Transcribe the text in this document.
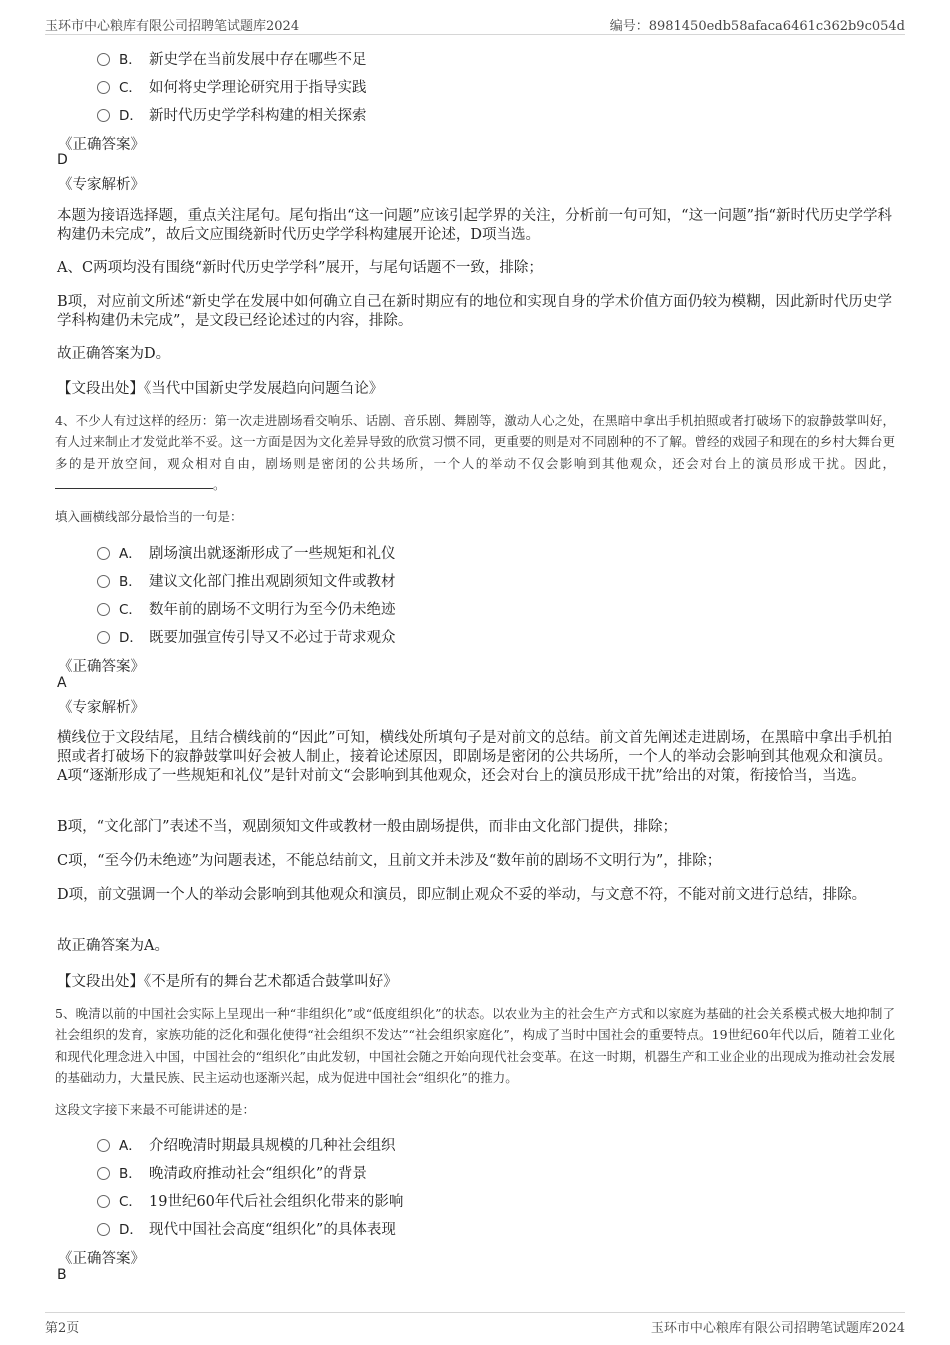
玉环市中心粮库有限公司招聘笔试题库2024	编号：8981450edb58afaca6461c362b9c054d
B． 新史学在当前发展中存在哪些不足
C． 如何将史学理论研究用于指导实践
D． 新时代历史学学科构建的相关探索
《正确答案》
D
《专家解析》
本题为接语选择题，重点关注尾句。尾句指出“这一问题”应该引起学界的关注，分析前一句可知，“这一问题”指“新时代历史学学科构建仍未完成”，故后文应围绕新时代历史学学科构建展开论述，D项当选。
A、C两项均没有围绕“新时代历史学学科”展开，与尾句话题不一致，排除；
B项，对应前文所述“新史学在发展中如何确立自己在新时期应有的地位和实现自身的学术价值方面仍较为模糊，因此新时代历史学学科构建仍未完成”，是文段已经论述过的内容，排除。
故正确答案为D。
【文段出处】《当代中国新史学发展趋向问题刍论》
4、不少人有过这样的经历：第一次走进剧场看交响乐、话剧、音乐剧、舞剧等，激动人心之处，在黑暗中拿出手机拍照或者打破场下的寂静鼓掌叫好，有人过来制止才发觉此举不妥。这一方面是因为文化差异导致的欣赏习惯不同，更重要的则是对不同剧种的不了解。曾经的戏园子和现在的乡村大舞台更多的是开放空间，观众相对自由，剧场则是密闭的公共场所，一个人的举动不仅会影响到其他观众，还会对台上的演员形成干扰。因此，。
填入画横线部分最恰当的一句是：
A． 剧场演出就逐渐形成了一些规矩和礼仪
B． 建议文化部门推出观剧须知文件或教材
C． 数年前的剧场不文明行为至今仍未绝迹
D． 既要加强宣传引导又不必过于苛求观众
《正确答案》
A
《专家解析》
横线位于文段结尾，且结合横线前的“因此”可知，横线处所填句子是对前文的总结。前文首先阐述走进剧场，在黑暗中拿出手机拍照或者打破场下的寂静鼓掌叫好会被人制止，接着论述原因，即剧场是密闭的公共场所，一个人的举动会影响到其他观众和演员。A项“逐渐形成了一些规矩和礼仪”是针对前文“会影响到其他观众，还会对台上的演员形成干扰”给出的对策，衔接恰当，当选。
B项，“文化部门”表述不当，观剧须知文件或教材一般由剧场提供，而非由文化部门提供，排除；
C项，“至今仍未绝迹”为问题表述，不能总结前文，且前文并未涉及“数年前的剧场不文明行为”，排除；
D项，前文强调一个人的举动会影响到其他观众和演员，即应制止观众不妥的举动，与文意不符，不能对前文进行总结，排除。
故正确答案为A。
【文段出处】《不是所有的舞台艺术都适合鼓掌叫好》
5、晚清以前的中国社会实际上呈现出一种“非组织化”或“低度组织化”的状态。以农业为主的社会生产方式和以家庭为基础的社会关系模式极大地抑制了社会组织的发育，家族功能的泛化和强化使得“社会组织不发达”“社会组织家庭化”，构成了当时中国社会的重要特点。19世纪60年代以后，随着工业化和现代化理念进入中国，中国社会的“组织化”由此发轫，中国社会随之开始向现代社会变革。在这一时期，机器生产和工业企业的出现成为推动社会发展的基础动力，大量民族、民主运动也逐渐兴起，成为促进中国社会“组织化”的推力。
这段文字接下来最不可能讲述的是：
A． 介绍晚清时期最具规模的几种社会组织
B． 晚清政府推动社会“组织化”的背景
C． 19世纪60年代后社会组织化带来的影响
D． 现代中国社会高度“组织化”的具体表现
《正确答案》
B
第2页	玉环市中心粮库有限公司招聘笔试题库2024
